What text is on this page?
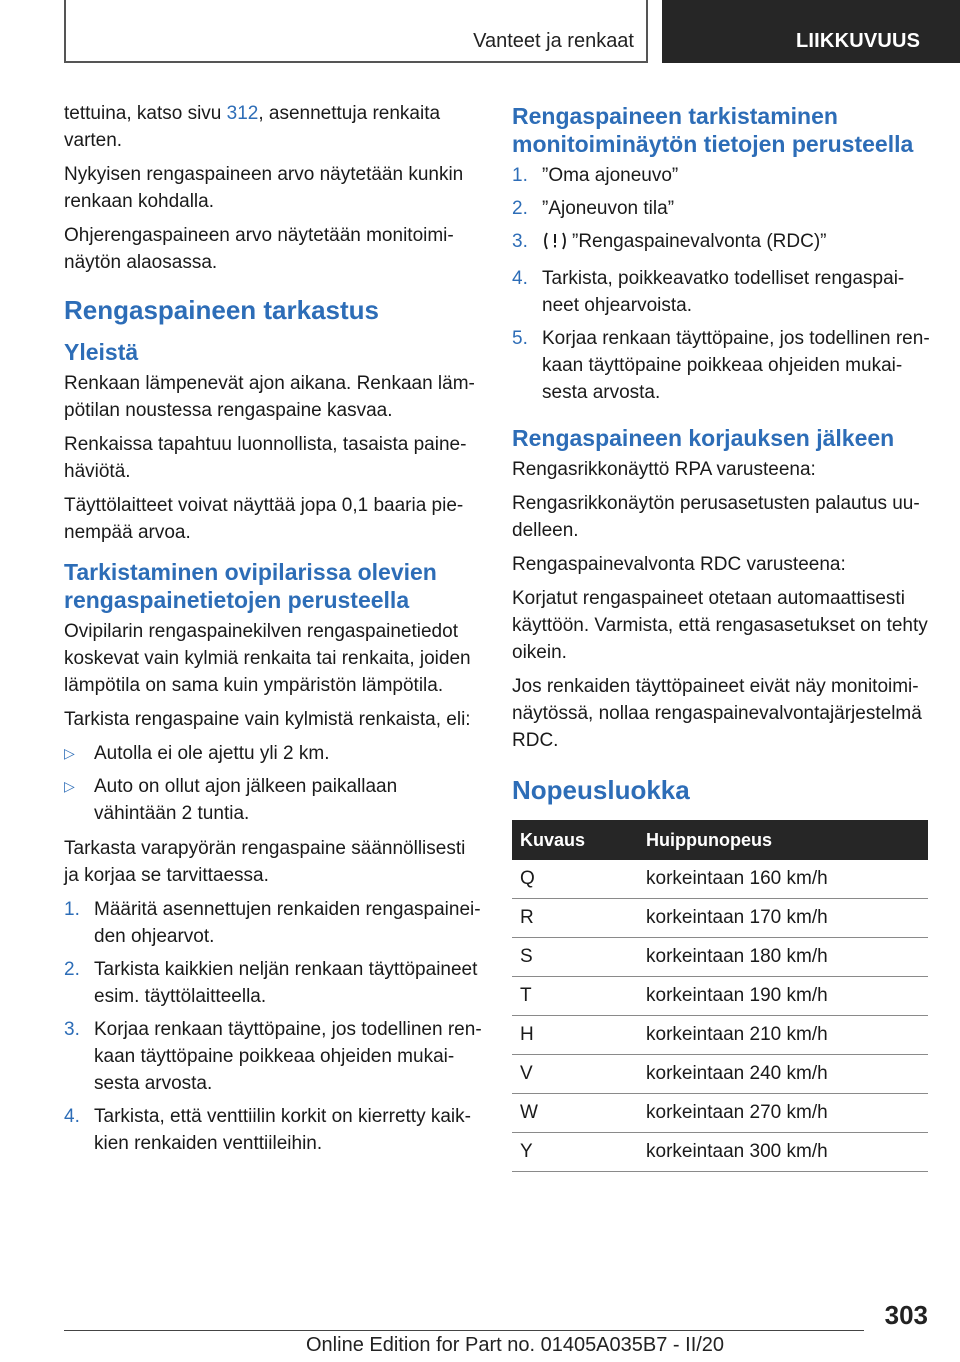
Vanteet ja renkaat	LIIKKUVUUS

tettuina, katso sivu 312, asennettuja renkaita varten.

Nykyisen rengaspaineen arvo näytetään kunkin renkaan kohdalla.

Ohjerengaspaineen arvo näytetään monitoiminäytön alaosassa.

Rengaspaineen tarkastus
Yleistä

Renkaan lämpenevät ajon aikana. Renkaan lämpötilan noustessa rengaspaine kasvaa.

Renkaissa tapahtuu luonnollista, tasaista painehäviötä.

Täyttölaitteet voivat näyttää jopa 0,1 baaria pienempää arvoa.

Tarkistaminen ovipilarissa olevien rengaspainetietojen perusteella

Ovipilarin rengaspainekilven rengaspainetiedot koskevat vain kylmiä renkaita tai renkaita, joiden lämpötila on sama kuin ympäristön lämpötila.

Tarkista rengaspaine vain kylmistä renkaista, eli:

▷ Autolla ei ole ajettu yli 2 km.
▷ Auto on ollut ajon jälkeen paikallaan vähintään 2 tuntia.

Tarkasta varapyörän rengaspaine säännöllisesti ja korjaa se tarvittaessa.

1. Määritä asennettujen renkaiden rengaspaineiden ohjearvot.
2. Tarkista kaikkien neljän renkaan täyttöpaineet esim. täyttölaitteella.
3. Korjaa renkaan täyttöpaine, jos todellinen renkaan täyttöpaine poikkeaa ohjeiden mukaisesta arvosta.
4. Tarkista, että venttiilin korkit on kierretty kaikkien renkaiden venttiileihin.
Rengaspaineen tarkistaminen monitoiminäytön tietojen perusteella
1. ”Oma ajoneuvo”
2. ”Ajoneuvon tila”
3. ”Rengaspainevalvonta (RDC)”
4. Tarkista, poikkeavatko todelliset rengaspaineet ohjearvoista.
5. Korjaa renkaan täyttöpaine, jos todellinen renkaan täyttöpaine poikkeaa ohjeiden mukaisesta arvosta.
Rengaspaineen korjauksen jälkeen

Rengasrikkonäyttö RPA varusteena:

Rengasrikkonäytön perusasetusten palautus uudelleen.

Rengaspainevalvonta RDC varusteena:

Korjatut rengaspaineet otetaan automaattisesti käyttöön. Varmista, että rengasasetukset on tehty oikein.

Jos renkaiden täyttöpaineet eivät näy monitoiminäytössä, nollaa rengaspainevalvontajärjestelmä RDC.

Nopeusluokka
Kuvaus	Huippunopeus
Q	korkeintaan 160 km/h
R	korkeintaan 170 km/h
S	korkeintaan 180 km/h
T	korkeintaan 190 km/h
H	korkeintaan 210 km/h
V	korkeintaan 240 km/h
W	korkeintaan 270 km/h
Y	korkeintaan 300 km/h
303
Online Edition for Part no. 01405A035B7 - II/20
